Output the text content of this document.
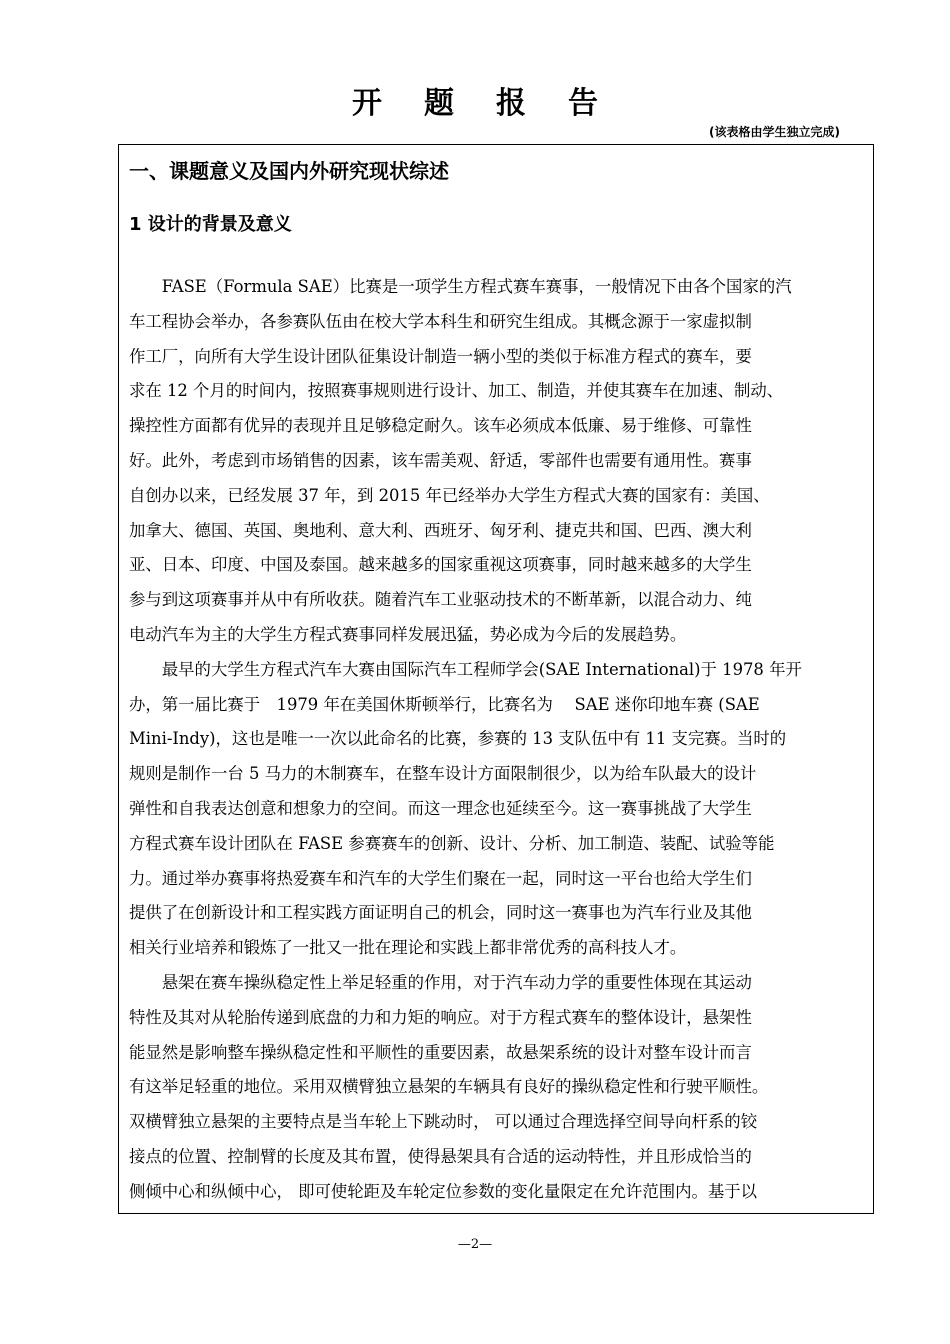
开题报告
(该表格由学生独立完成)
一、课题意义及国内外研究现状综述
1 设计的背景及意义
　　FASE（Formula SAE）比赛是一项学生方程式赛车赛事，一般情况下由各个国家的汽
车工程协会举办，各参赛队伍由在校大学本科生和研究生组成。其概念源于一家虚拟制
作工厂，向所有大学生设计团队征集设计制造一辆小型的类似于标准方程式的赛车，要
求在 12 个月的时间内，按照赛事规则进行设计、加工、制造，并使其赛车在加速、制动、
操控性方面都有优异的表现并且足够稳定耐久。该车必须成本低廉、易于维修、可靠性
好。此外，考虑到市场销售的因素，该车需美观、舒适，零部件也需要有通用性。赛事
自创办以来，已经发展 37 年，到 2015 年已经举办大学生方程式大赛的国家有：美国、
加拿大、德国、英国、奥地利、意大利、西班牙、匈牙利、捷克共和国、巴西、澳大利
亚、日本、印度、中国及泰国。越来越多的国家重视这项赛事，同时越来越多的大学生
参与到这项赛事并从中有所收获。随着汽车工业驱动技术的不断革新，以混合动力、纯
电动汽车为主的大学生方程式赛事同样发展迅猛，势必成为今后的发展趋势。
　　最早的大学生方程式汽车大赛由国际汽车工程师学会(SAE International)于 1978 年开
办，第一届比赛于　1979 年在美国休斯顿举行，比赛名为　 SAE 迷你印地车赛 (SAE
Mini-Indy)，这也是唯一一次以此命名的比赛，参赛的 13 支队伍中有 11 支完赛。当时的
规则是制作一台 5 马力的木制赛车，在整车设计方面限制很少，以为给车队最大的设计
弹性和自我表达创意和想象力的空间。而这一理念也延续至今。这一赛事挑战了大学生
方程式赛车设计团队在 FASE 参赛赛车的创新、设计、分析、加工制造、装配、试验等能
力。通过举办赛事将热爱赛车和汽车的大学生们聚在一起，同时这一平台也给大学生们
提供了在创新设计和工程实践方面证明自己的机会，同时这一赛事也为汽车行业及其他
相关行业培养和锻炼了一批又一批在理论和实践上都非常优秀的高科技人才。
　　悬架在赛车操纵稳定性上举足轻重的作用，对于汽车动力学的重要性体现在其运动
特性及其对从轮胎传递到底盘的力和力矩的响应。对于方程式赛车的整体设计，悬架性
能显然是影响整车操纵稳定性和平顺性的重要因素，故悬架系统的设计对整车设计而言
有这举足轻重的地位。采用双横臂独立悬架的车辆具有良好的操纵稳定性和行驶平顺性。
双横臂独立悬架的主要特点是当车轮上下跳动时， 可以通过合理选择空间导向杆系的铰
接点的位置、控制臂的长度及其布置，使得悬架具有合适的运动特性，并且形成恰当的
侧倾中心和纵倾中心， 即可使轮距及车轮定位参数的变化量限定在允许范围内。基于以
—2—
